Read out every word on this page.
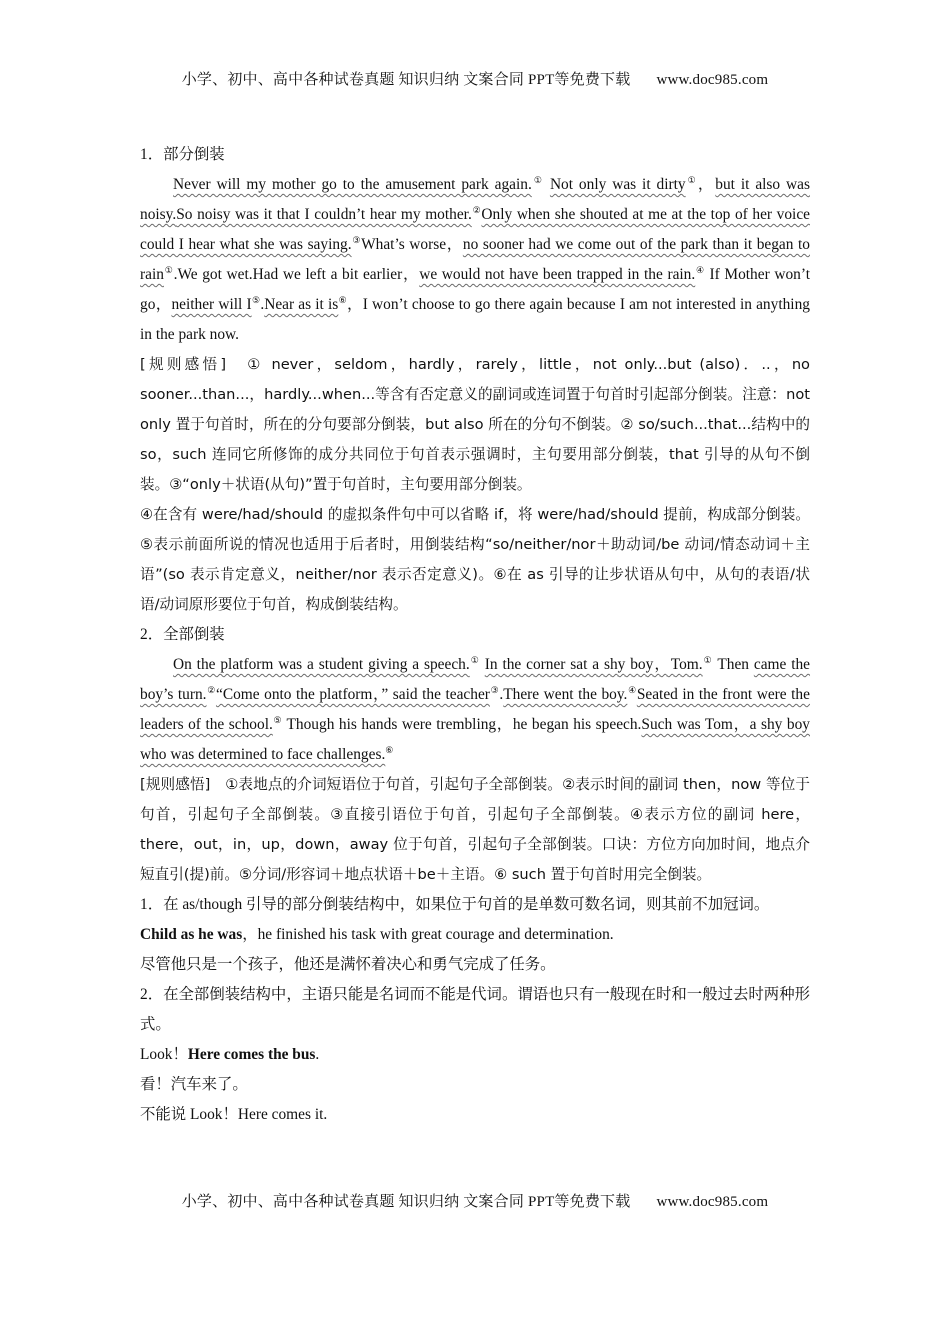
小学、初中、高中各种试卷真题 知识归纳 文案合同 PPT等免费下载 www.doc985.com
1．部分倒装

Never will my mother go to the amusement park again.① Not only was it dirty①，but it also was noisy.So noisy was it that I couldn’t hear my mother.②Only when she shouted at me at the top of her voice could I hear what she was saying.③What’s worse，no sooner had we come out of the park than it began to rain①.We got wet.Had we left a bit earlier，we would not have been trapped in the rain.④ If Mother won’t go，neither will I⑤.Near as it is⑥，I won’t choose to go there again because I am not interested in anything in the park now.

[规则感悟]　① never，seldom，hardly，rarely，little，not only...but (also)．..，no sooner...than...，hardly...when...等含有否定意义的副词或连词置于句首时引起部分倒装。注意：not only 置于句首时，所在的分句要部分倒装，but also 所在的分句不倒装。② so/such...that...结构中的 so，such 连同它所修饰的成分共同位于句首表示强调时，主句要用部分倒装，that 引导的从句不倒装。③“only＋状语(从句)”置于句首时，主句要用部分倒装。

④在含有 were/had/should 的虚拟条件句中可以省略 if，将 were/had/should 提前，构成部分倒装。⑤表示前面所说的情况也适用于后者时，用倒装结构“so/neither/nor＋助动词/be 动词/情态动词＋主语”(so 表示肯定意义，neither/nor 表示否定意义)。⑥在 as 引导的让步状语从句中，从句的表语/状语/动词原形要位于句首，构成倒装结构。

2．全部倒装

On the platform was a student giving a speech.① In the corner sat a shy boy，Tom.① Then came the boy’s turn.②“Come onto the platform，” said the teacher③.There went the boy.④Seated in the front were the leaders of the school.⑤ Though his hands were trembling，he began his speech.Such was Tom，a shy boy who was determined to face challenges.⑥

[规则感悟]　①表地点的介词短语位于句首，引起句子全部倒装。②表示时间的副词 then，now 等位于句首，引起句子全部倒装。③直接引语位于句首，引起句子全部倒装。④表示方位的副词 here，there，out，in，up，down，away 位于句首，引起句子全部倒装。口诀：方位方向加时间，地点介短直引(提)前。⑤分词/形容词＋地点状语＋be＋主语。⑥ such 置于句首时用完全倒装。

1．在 as/though 引导的部分倒装结构中，如果位于句首的是单数可数名词，则其前不加冠词。

Child as he was，he finished his task with great courage and determination.

尽管他只是一个孩子，他还是满怀着决心和勇气完成了任务。

2．在全部倒装结构中，主语只能是名词而不能是代词。谓语也只有一般现在时和一般过去时两种形式。

Look！Here comes the bus.

看！汽车来了。

不能说 Look！Here comes it.

小学、初中、高中各种试卷真题 知识归纳 文案合同 PPT等免费下载 www.doc985.com
